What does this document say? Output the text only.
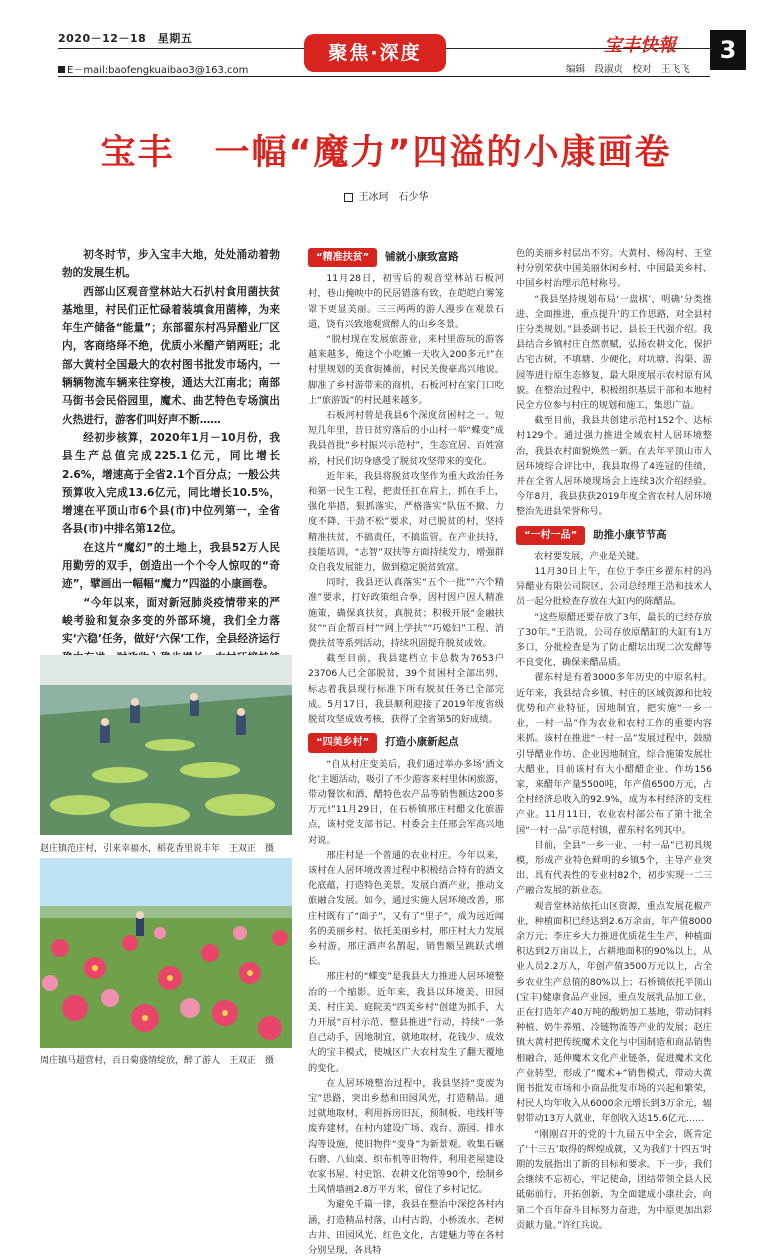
2020－12－18　星期五
E－mail:baofengkuaibao3@163.com
聚焦·深度	宝丰快報	3
编辑　段淑贞　校对　王飞飞
宝丰 一幅“魔力”四溢的小康画卷
王冰珂　石少华

初冬时节，步入宝丰大地，处处涌动着勃勃的发展生机。

西部山区观音堂林站大石扒村食用菌扶贫基地里，村民们正忙碌着装填食用菌棒，为来年生产储备“能量”；东部翟东村冯异醋业厂区内，客商络绎不绝，优质小米醋产销两旺；北部大黄村全国最大的农村图书批发市场内，一辆辆物流车辆来往穿梭，通达大江南北；南部马街书会民俗园里，魔术、曲艺特色专场演出火热进行，游客们叫好声不断……

经初步核算，2020年1月－10月份，我县生产总值完成225.1亿元，同比增长2.6%，增速高于全省2.1个百分点；一般公共预算收入完成13.6亿元，同比增长10.5%，增速在平顶山市6个县(市)中位列第一，全省各县(市)中排名第12位。

在这片“魔幻”的土地上，我县52万人民用勤劳的双手，创造出一个个令人惊叹的“奇迹”，擘画出一幅幅“魔力”四溢的小康画卷。

“今年以来，面对新冠肺炎疫情带来的严峻考验和复杂多变的外部环境，我们全力落实‘六稳’任务，做好‘六保’工作，全县经济运行

赵庄镇范庄村，引来幸福水，稻花香里说丰年　王双正　摄
周庄镇马超营村，百日菊盛情绽放，醉了游人　王双正　摄
“精准扶贫”	铺就小康致富路

11月28日，初雪后的观音堂林站石板河村，巷山掩映中的民居错落有致，在皑皑白雾笼罩下更显美丽。三三两两的游人漫步在观景石道，饶有兴致地观赏醉人的山乡冬景。

“脱村现在发展旅游业，来村里游玩的游客越来越多，俺这个小吃摊一天收入200多元!”在村里规划的美食街摊前，村民关俊豪高兴地说。脚准了乡村游带来的商机，石板河村在家门口吃上“旅游饭”的村民越来越多。

石板河村曾是我县6个深度贫困村之一。短短几年里，昔日贫穷落后的小山村一举“蝶变”成我县首批“乡村振兴示范村”，生态宜居、百姓富裕，村民们切身感受了脱贫攻坚带来的变化。

近年来，我县将脱贫攻坚作为重大政治任务和第一民生工程，把责任扛在肩上，抓在手上，强化举措，狠抓落实，严格落实“队伍不撤、力度不降、干劲不松”要求，对已脱贫的村，坚持精准扶贫，不搞责任，不搞监管。在产业扶持，技能培训，“志智”双扶等方面持续发力，增强群众自我发展能力，做到稳定脱贫致富。

同时，我县还认真落实“五个一批”“六个精准”要求，打好政策组合拳，因村因户因人精准施策，确保真扶贫，真脱贫；积极开展“金融扶贫”“百企帮百村”“网上学扶”“巧媳妇”工程、消费扶贫等系列活动，持续巩固提升脱贫成效。

截至目前，我县建档立卡总数为7653户23706人已全部脱贫，39个贫困村全部出列，标志着我县现行标准下所有脱贫任务已全部完成。5月17日，我县顺利迎接了2019年度省级脱贫攻坚成效考核，获得了全省第5的好成绩。

“四美乡村”	打造小康新起点

“自从村庄变美后，我们通过举办多场‘酒文化’主题活动，吸引了不少游客来村里休闲旅游，带动餐饮和酒、醋特色农产品等销售额达200多万元!”11月29日，在石桥镇邢庄村醋文化旅游点，该村党支部书记、村委会主任邢会军高兴地对说。

邢庄村是一个普通的农业村庄。今年以来，该村在人居环境改善过程中积极结合特有的酒文化底蕴，打造特色美景，发展白酒产业，推动文旅融合发展。如今，通过实施人居环境改善，邢庄村既有了“面子”，又有了“里子”，成为远近闻名的美丽乡村。依托美丽乡村，邢庄村大力发展乡村游，邢庄酒声名鹊起，销售额呈跳跃式增长。

邢庄村的“蝶变”是我县大力推进人居环境整治的一个缩影。近年来，我县以环境美、田园美、村庄美、庭院美“四美乡村”创建为抓手，大力开展“百村示范、整县推进”行动，持续“一条自己动手，因地制宜，就地取材，花钱少、成效大的宝丰模式，使城区广大农村发生了翻天覆地的变化。

在人居环境整治过程中，我县坚持“变废为宝”思路，突出乡愁和田园风光，打造精品。通过就地取材，利用拆房旧瓦，预制板、电线杆等废弃建材，在村内建设广场、戏台、游园、排水沟等设施，使旧物件“变身”为新景观。收集石碾石磨、八仙桌、织布机等旧物件，利用老屋建设农家书屋、村史馆、农耕文化馆等90个，绘制乡土风情墙画2.8万平方米，留住了乡村记忆。

为避免千篇一律，我县在整治中深挖各村内涵，打造精品村落，山村古韵，小桥流水、老树古井、田园风光、红色文化，古建魅力等在各村分别呈现，各具特

色的美丽乡村层出不穷。大黄村、杨沟村、王堂村分别荣获中国美丽休闲乡村、中国最美乡村、中国乡村治理示范村称号。

“我县坚持规划布局‘一盘棋’，明确‘分类推进、全面推进，重点提升’的工作思路，对全县村庄分类规划。”县委副书记、县长王代强介绍。我县结合乡镇村庄自然禀赋，弘扬农耕文化，保护古宅古树，不填塘、少硬化，对坑塘、沟渠、游园等进行原生态修复，最大限度展示农村原有风貌。在整治过程中，积极组织基层干部和本地村民全方位参与村庄的规划和施工，集思广益。

截至目前，我县共创建示范村152个、达标村129个。通过强力推进全域农村人居环境整治，我县农村面貌焕然一新。在去年平顶山市人居环境综合评比中，我县取得了4连冠的佳绩，并在全省人居环境现场会上连续3次介绍经验。今年8月，我县获获2019年度全省农村人居环境整治先进县荣誉称号。

“一村一品”	助推小康节节高

农村要发展，产业是关键。

11月30日上午，在位于李庄乡翟东村的冯异醋业有限公司院区，公司总经理王浩和技术人员一起分批检查存放在大缸内的陈醋品。

“这些原醋还要存放了3年，最长的已经存放了30年。”王浩说，公司存放原醋缸的大缸有1万多口，分批检查是为了防止醋坛出现二次发酵等不良变化，确保来醋品质。

翟东村是有着3000多年历史的中原名村。近年来，我县结合乡镇、村庄的区域资源和比较优势和产业特征，因地制宜，把实施“一乡一业，一村一品”作为农业和农村工作的重要内容来抓。该村在推进“一村一品”发展过程中，鼓励引导醋业作坊、企业因地制宜，综合施策发展壮大醋业，目前该村有大小醋醋企业、作坊156家，来醋年产量5500吨，年产值6500万元，占全村经济总收入的92.9%，成为本村经济的支柱产业。11月11日，农业农村部公布了第十批全国“一村一品”示范村镇，翟东村名列其中。

目前，全县“一乡一业、一村一品”已初具规模，形成产业特色鲜明的乡镇5个，主导产业突出、具有代表性的专业村82个，初步实现一二三产融合发展的新业态。

观音堂林站依托山区资源，重点发展花椒产业，种植面积已经达到2.6万余亩，年产值8000余万元；李庄乡大力推进优质花生生产，种植面积达到2万亩以上，占耕地面积的90%以上，从业人员2.2万人，年创产值3500万元以上，占全乡农业生产总值的80%以上；石桥镇依托平顶山(宝丰)健康食品产业园，重点发展乳品加工业，正在打造年产40万吨的酸奶加工基地，带动饲料种植、奶牛养殖、冷链物流等产业的发展；赵庄镇大黄村把传统魔术文化与中国制造和商品销售相融合，延伸魔术文化产业链条，促进魔术文化产业转型，形成了“魔术+”销售模式，带动大黄图书批发市场和小商品批发市场的兴起和繁荣，村民人均年收入从6000余元增长到3万余元，辐射带动13万人就业，年创收入达15.6亿元……

“刚刚召开的党的十九届五中全会，既肯定了‘十三五’取得的辉煌成就，又为我们‘十四五’时期的发展指出了新的目标和要求。下一步，我们会继续不忘初心，牢记使命，团结带领全县人民砥砺前行，开拓创新，为全面建成小康社会，向第二个百年奋斗目标努力奋进，为中原更加出彩贡献力量。”许红兵说。
